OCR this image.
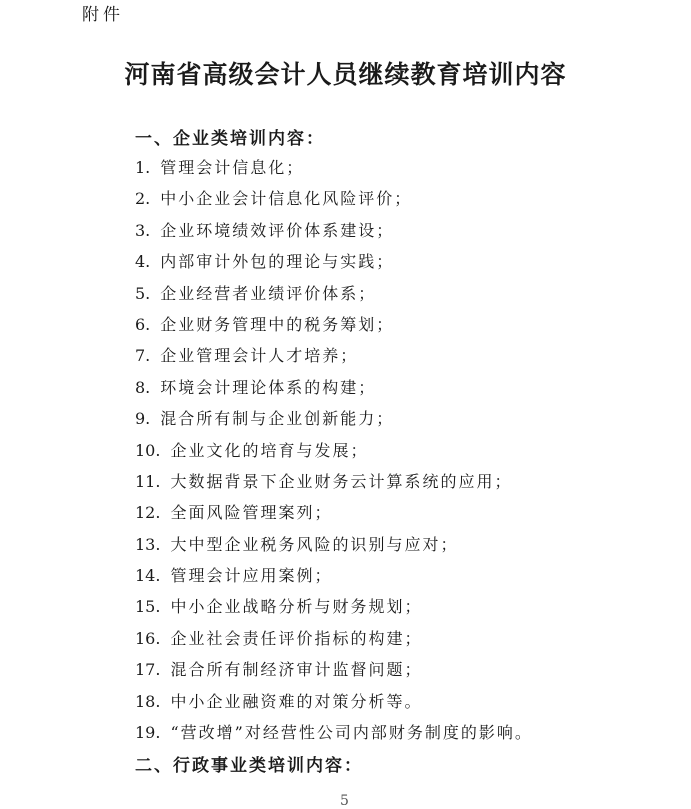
附件
河南省高级会计人员继续教育培训内容
一、企业类培训内容：
1. 管理会计信息化；
2. 中小企业会计信息化风险评价；
3. 企业环境绩效评价体系建设；
4. 内部审计外包的理论与实践；
5. 企业经营者业绩评价体系；
6. 企业财务管理中的税务筹划；
7. 企业管理会计人才培养；
8. 环境会计理论体系的构建；
9. 混合所有制与企业创新能力；
10. 企业文化的培育与发展；
11. 大数据背景下企业财务云计算系统的应用；
12. 全面风险管理案列；
13. 大中型企业税务风险的识别与应对；
14. 管理会计应用案例；
15. 中小企业战略分析与财务规划；
16. 企业社会责任评价指标的构建；
17. 混合所有制经济审计监督问题；
18. 中小企业融资难的对策分析等。
19. “营改增”对经营性公司内部财务制度的影响。
二、行政事业类培训内容：
5
